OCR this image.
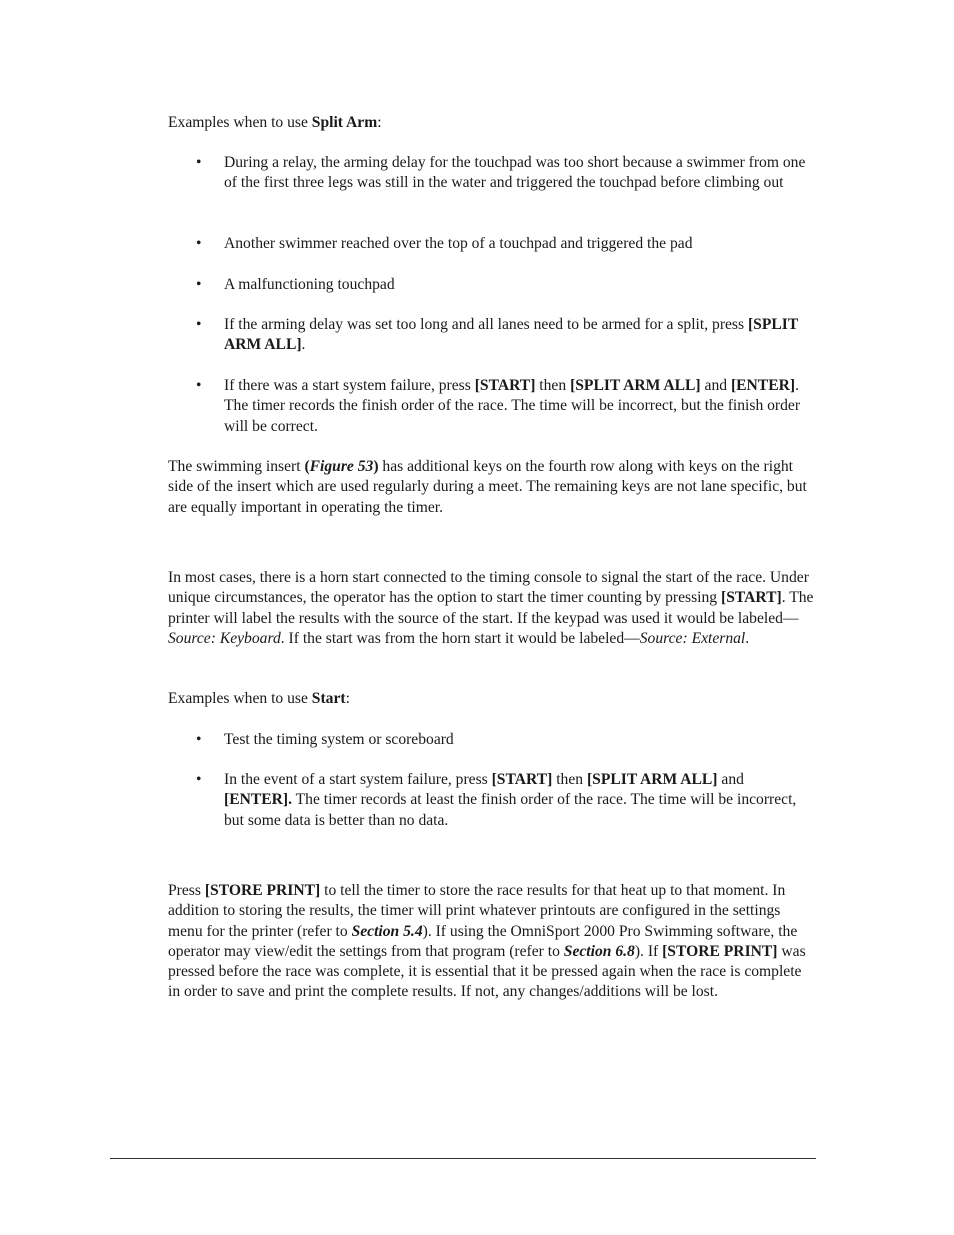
Examples when to use Split Arm:

• During a relay, the arming delay for the touchpad was too short because a swimmer from one of the first three legs was still in the water and triggered the touchpad before climbing out

• Another swimmer reached over the top of a touchpad and triggered the pad

• A malfunctioning touchpad

• If the arming delay was set too long and all lanes need to be armed for a split, press [SPLIT ARM ALL].

• If there was a start system failure, press [START] then [SPLIT ARM ALL] and [ENTER]. The timer records the finish order of the race. The time will be incorrect, but the finish order will be correct.

The swimming insert (Figure 53) has additional keys on the fourth row along with keys on the right side of the insert which are used regularly during a meet. The remaining keys are not lane specific, but are equally important in operating the timer.

In most cases, there is a horn start connected to the timing console to signal the start of the race. Under unique circumstances, the operator has the option to start the timer counting by pressing [START]. The printer will label the results with the source of the start. If the keypad was used it would be labeled—Source: Keyboard. If the start was from the horn start it would be labeled—Source: External.

Examples when to use Start:

• Test the timing system or scoreboard

• In the event of a start system failure, press [START] then [SPLIT ARM ALL] and [ENTER]. The timer records at least the finish order of the race. The time will be incorrect, but some data is better than no data.

Press [STORE PRINT] to tell the timer to store the race results for that heat up to that moment. In addition to storing the results, the timer will print whatever printouts are configured in the settings menu for the printer (refer to Section 5.4). If using the OmniSport 2000 Pro Swimming software, the operator may view/edit the settings from that program (refer to Section 6.8). If [STORE PRINT] was pressed before the race was complete, it is essential that it be pressed again when the race is complete in order to save and print the complete results. If not, any changes/additions will be lost.
